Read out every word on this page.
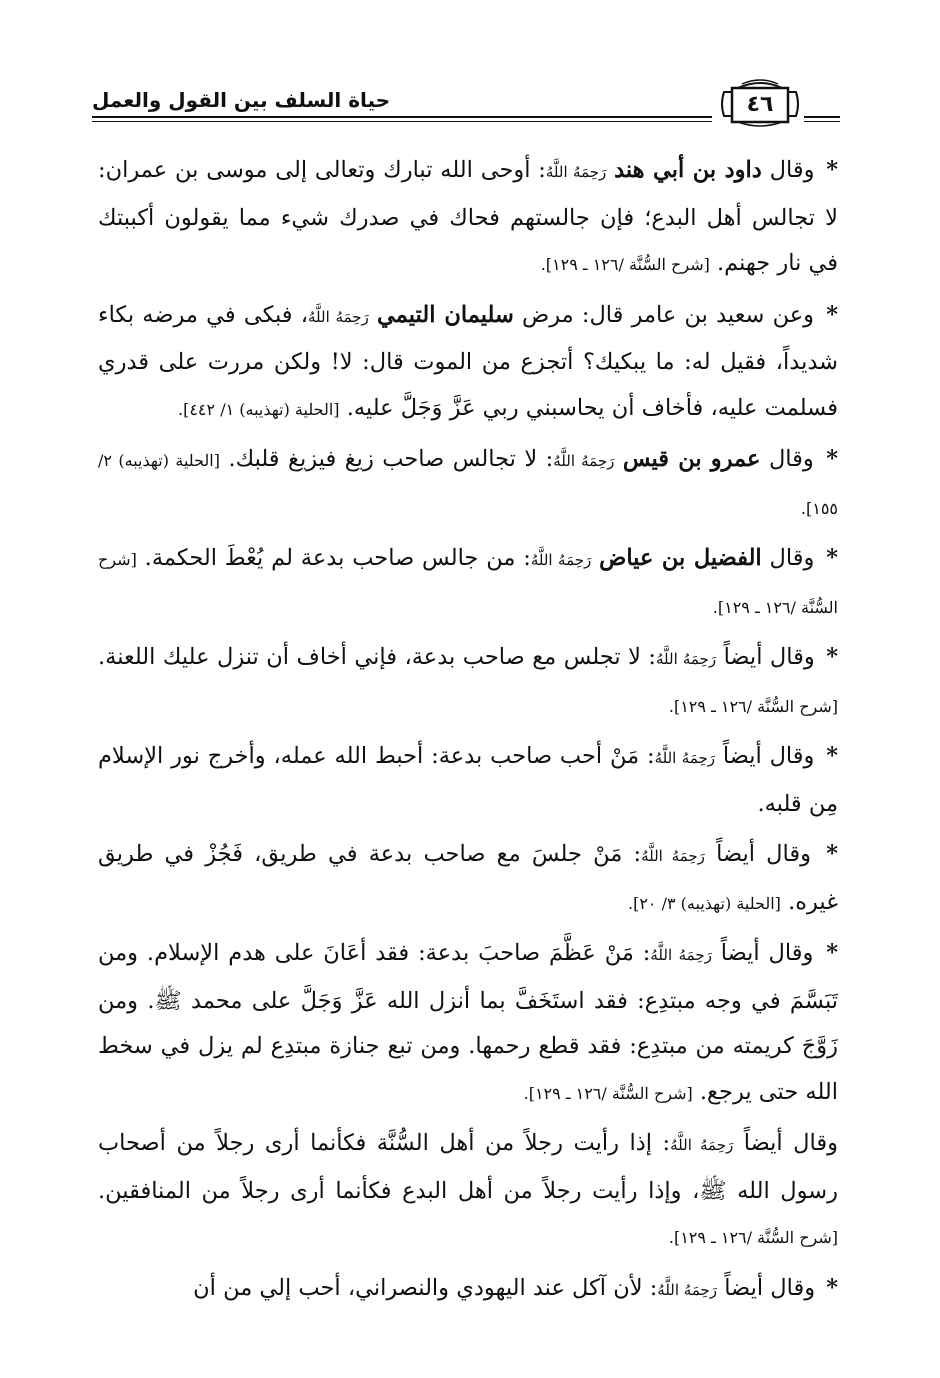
حياة السلف بين القول والعمل	٤٦

* وقال داود بن أبي هند رَحِمَهُ اللَّهُ: أوحى الله تبارك وتعالى إلى موسى بن عمران: لا تجالس أهل البدع؛ فإن جالستهم فحاك في صدرك شيء مما يقولون أكببتك في نار جهنم. [شرح السُّنَّة /١٢٦ ـ ١٢٩].

* وعن سعيد بن عامر قال: مرض سليمان التيمي رَحِمَهُ اللَّهُ، فبكى في مرضه بكاء شديداً، فقيل له: ما يبكيك؟ أتجزع من الموت قال: لا! ولكن مررت على قدري فسلمت عليه، فأخاف أن يحاسبني ربي عَزَّ وَجَلَّ عليه. [الحلية (تهذيبه) ١/ ٤٤٢].

* وقال عمرو بن قيس رَحِمَهُ اللَّهُ: لا تجالس صاحب زيغ فيزيغ قلبك. [الحلية (تهذيبه) ٢/ ١٥٥].

* وقال الفضيل بن عياض رَحِمَهُ اللَّهُ: من جالس صاحب بدعة لم يُعْطَ الحكمة. [شرح السُّنَّة /١٢٦ ـ ١٢٩].

* وقال أيضاً رَحِمَهُ اللَّهُ: لا تجلس مع صاحب بدعة، فإني أخاف أن تنزل عليك اللعنة. [شرح السُّنَّة /١٢٦ ـ ١٢٩].

* وقال أيضاً رَحِمَهُ اللَّهُ: مَنْ أحب صاحب بدعة: أحبط الله عمله، وأخرج نور الإسلام مِن قلبه.

* وقال أيضاً رَحِمَهُ اللَّهُ: مَنْ جلسَ مع صاحب بدعة في طريق، فَجُزْ في طريق غيره. [الحلية (تهذيبه) ٣/ ٢٠].

* وقال أيضاً رَحِمَهُ اللَّهُ: مَنْ عَظَّمَ صاحبَ بدعة: فقد أعَانَ على هدم الإسلام. ومن تَبَسَّمَ في وجه مبتدِع: فقد استَخَفَّ بما أنزل الله عَزَّ وَجَلَّ على محمد ﷺ. ومن زَوَّجَ كريمته من مبتدِع: فقد قطع رحمها. ومن تبع جنازة مبتدِع لم يزل في سخط الله حتى يرجع. [شرح السُّنَّة /١٢٦ ـ ١٢٩].

وقال أيضاً رَحِمَهُ اللَّهُ: إذا رأيت رجلاً من أهل السُّنَّة فكأنما أرى رجلاً من أصحاب رسول الله ﷺ، وإذا رأيت رجلاً من أهل البدع فكأنما أرى رجلاً من المنافقين. [شرح السُّنَّة /١٢٦ ـ ١٢٩].

* وقال أيضاً رَحِمَهُ اللَّهُ: لأن آكل عند اليهودي والنصراني، أحب إلي من أن
